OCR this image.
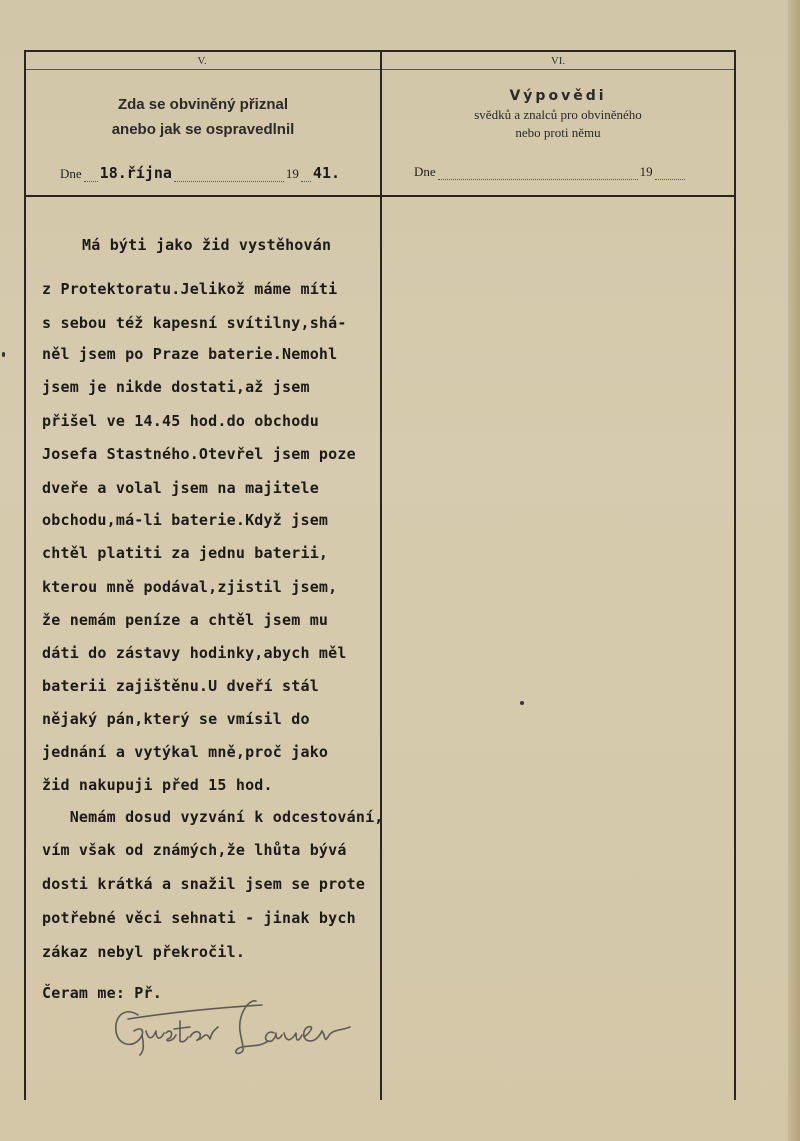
V.
Zda se obviněný přiznal
anebo jak se ospravedlnil
Dne 18.října	19 41.
VI.
Výpovědi
svědků a znalců pro obviněného
nebo proti němu
Dne	19
Má býti jako žid vystěhován
z Protektoratu.Jelikož máme míti
s sebou též kapesní svítilny,shá-
něl jsem po Praze baterie.Nemohl
jsem je nikde dostati,až jsem
přišel ve 14.45 hod.do obchodu
Josefa Stastného.Otevřel jsem poze
dveře a volal jsem na majitele
obchodu,má-li baterie.Když jsem
chtěl platiti za jednu baterii,
kterou mně podával,zjistil jsem,
že nemám peníze a chtěl jsem mu
dáti do zástavy hodinky,abych měl
baterii zajištěnu.U dveří stál
nějaký pán,který se vmísil do
jednání a vytýkal mně,proč jako
žid nakupuji před 15 hod.
Nemám dosud vyzvání k odcestování,
vím však od známých,že lhůta bývá
dosti krátká a snažil jsem se prote
potřebné věci sehnati - jinak bych
zákaz nebyl překročil.
Čeram me: Př.
